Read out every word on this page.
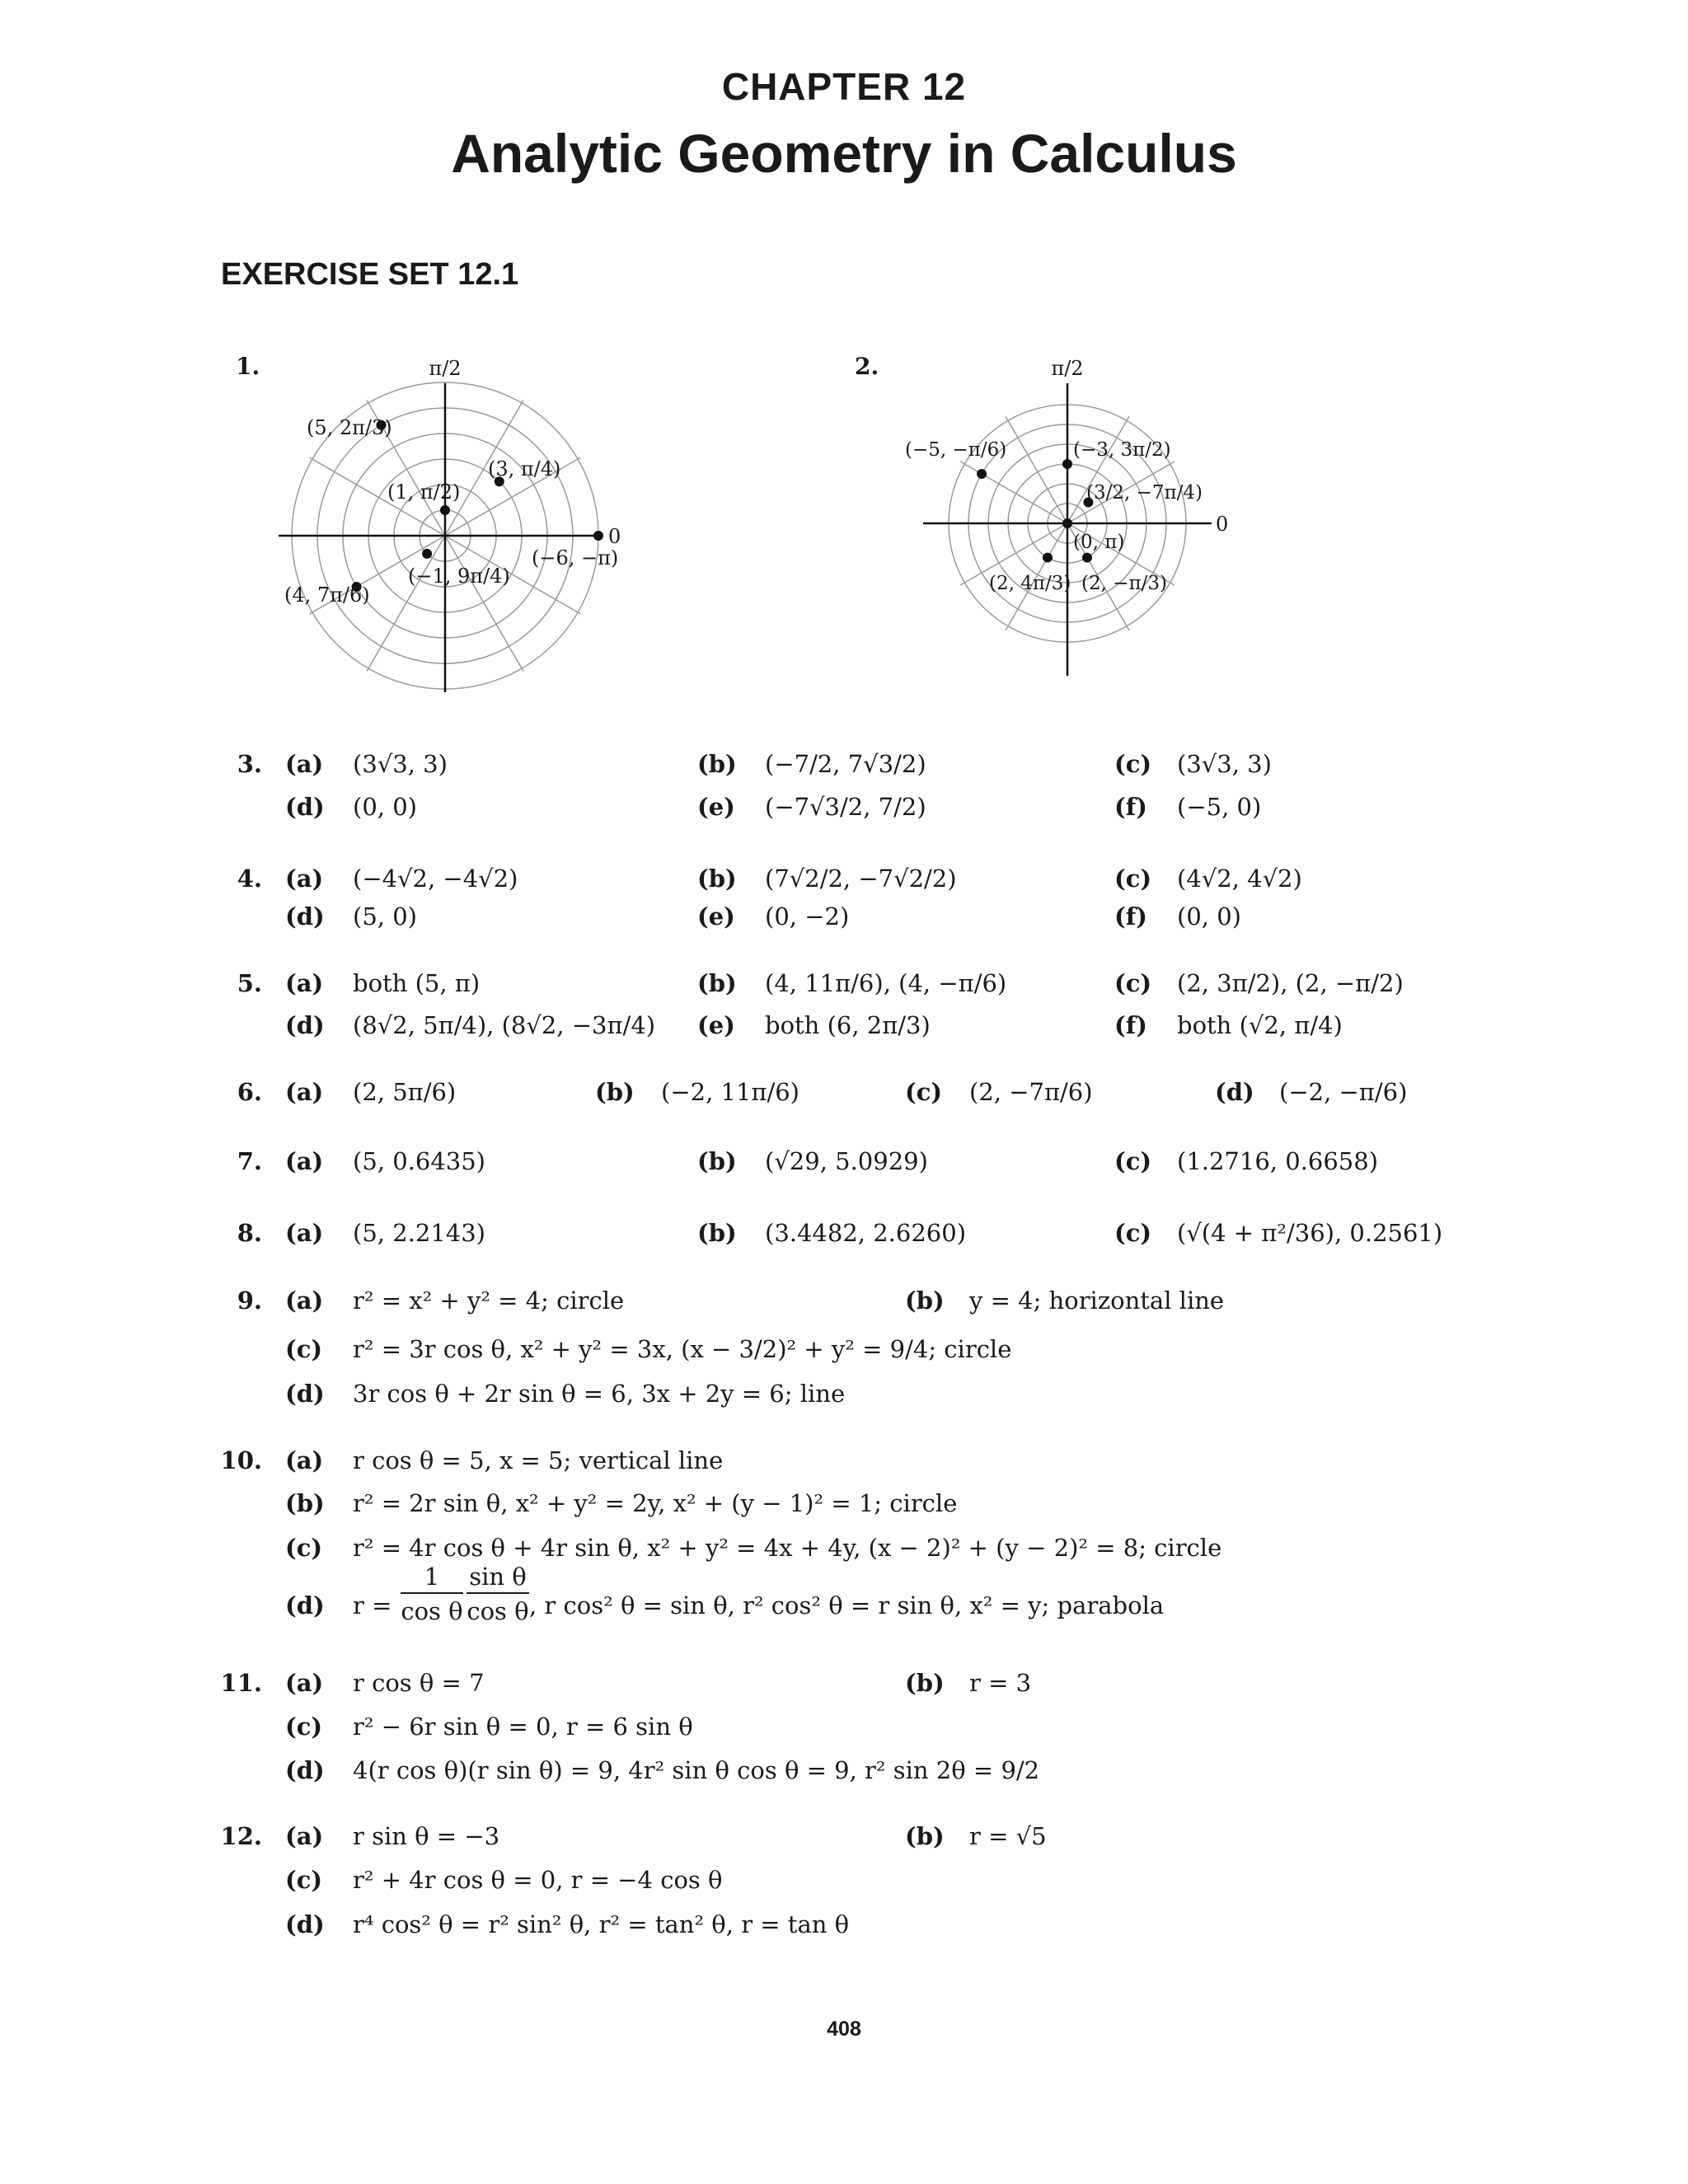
CHAPTER 12
Analytic Geometry in Calculus
EXERCISE SET 12.1
1.	π/2
0
(5, 2π/3)
(3, π/4)
(1, π/2)
(−6, −π)
(−1, 9π/4)
(4, 7π/6)
2.	π/2
0
(−5, −π/6)	(−3, 3π/2)
(3/2, −7π/4)
(0, π)
(2, 4π/3) (2, −π/3)
3. (a) (3√3, 3)	(b) (−7/2, 7√3/2)	(c) (3√3, 3)
(d) (0, 0)	(e) (−7√3/2, 7/2)	(f) (−5, 0)
4. (a) (−4√2, −4√2)	(b) (7√2/2, −7√2/2)	(c) (4√2, 4√2)
(d) (5, 0)	(e) (0, −2)	(f) (0, 0)
5. (a) both (5, π)	(b) (4, 11π/6), (4, −π/6)	(c) (2, 3π/2), (2, −π/2)
(d) (8√2, 5π/4), (8√2, −3π/4) (e) both (6, 2π/3)	(f) both (√2, π/4)
6. (a) (2, 5π/6)	(b) (−2, 11π/6)	(c) (2, −7π/6)	(d) (−2, −π/6)
7. (a) (5, 0.6435)	(b) (√29, 5.0929)	(c) (1.2716, 0.6658)
8. (a) (5, 2.2143)	(b) (3.4482, 2.6260)	(c) (√(4 + π²/36), 0.2561)
9. (a) r² = x² + y² = 4; circle	(b) y = 4; horizontal line
(c) r² = 3r cos θ, x² + y² = 3x, (x − 3/2)² + y² = 9/4; circle
(d) 3r cos θ + 2r sin θ = 6, 3x + 2y = 6; line
10. (a) r cos θ = 5, x = 5; vertical line
(b) r² = 2r sin θ, x² + y² = 2y, x² + (y − 1)² = 1; circle
(c) r² = 4r cos θ + 4r sin θ, x² + y² = 4x + 4y, (x − 2)² + (y − 2)² = 8; circle
(d) r =
1
cos θ
sin θ
cos θ , r cos² θ = sin θ, r² cos² θ = r sin θ, x² = y; parabola
11. (a) r cos θ = 7	(b) r = 3
(c) r² − 6r sin θ = 0, r = 6 sin θ
(d) 4(r cos θ)(r sin θ) = 9, 4r² sin θ cos θ = 9, r² sin 2θ = 9/2
12. (a) r sin θ = −3	(b) r = √5
(c) r² + 4r cos θ = 0, r = −4 cos θ
(d) r⁴ cos² θ = r² sin² θ, r² = tan² θ, r = tan θ
408
